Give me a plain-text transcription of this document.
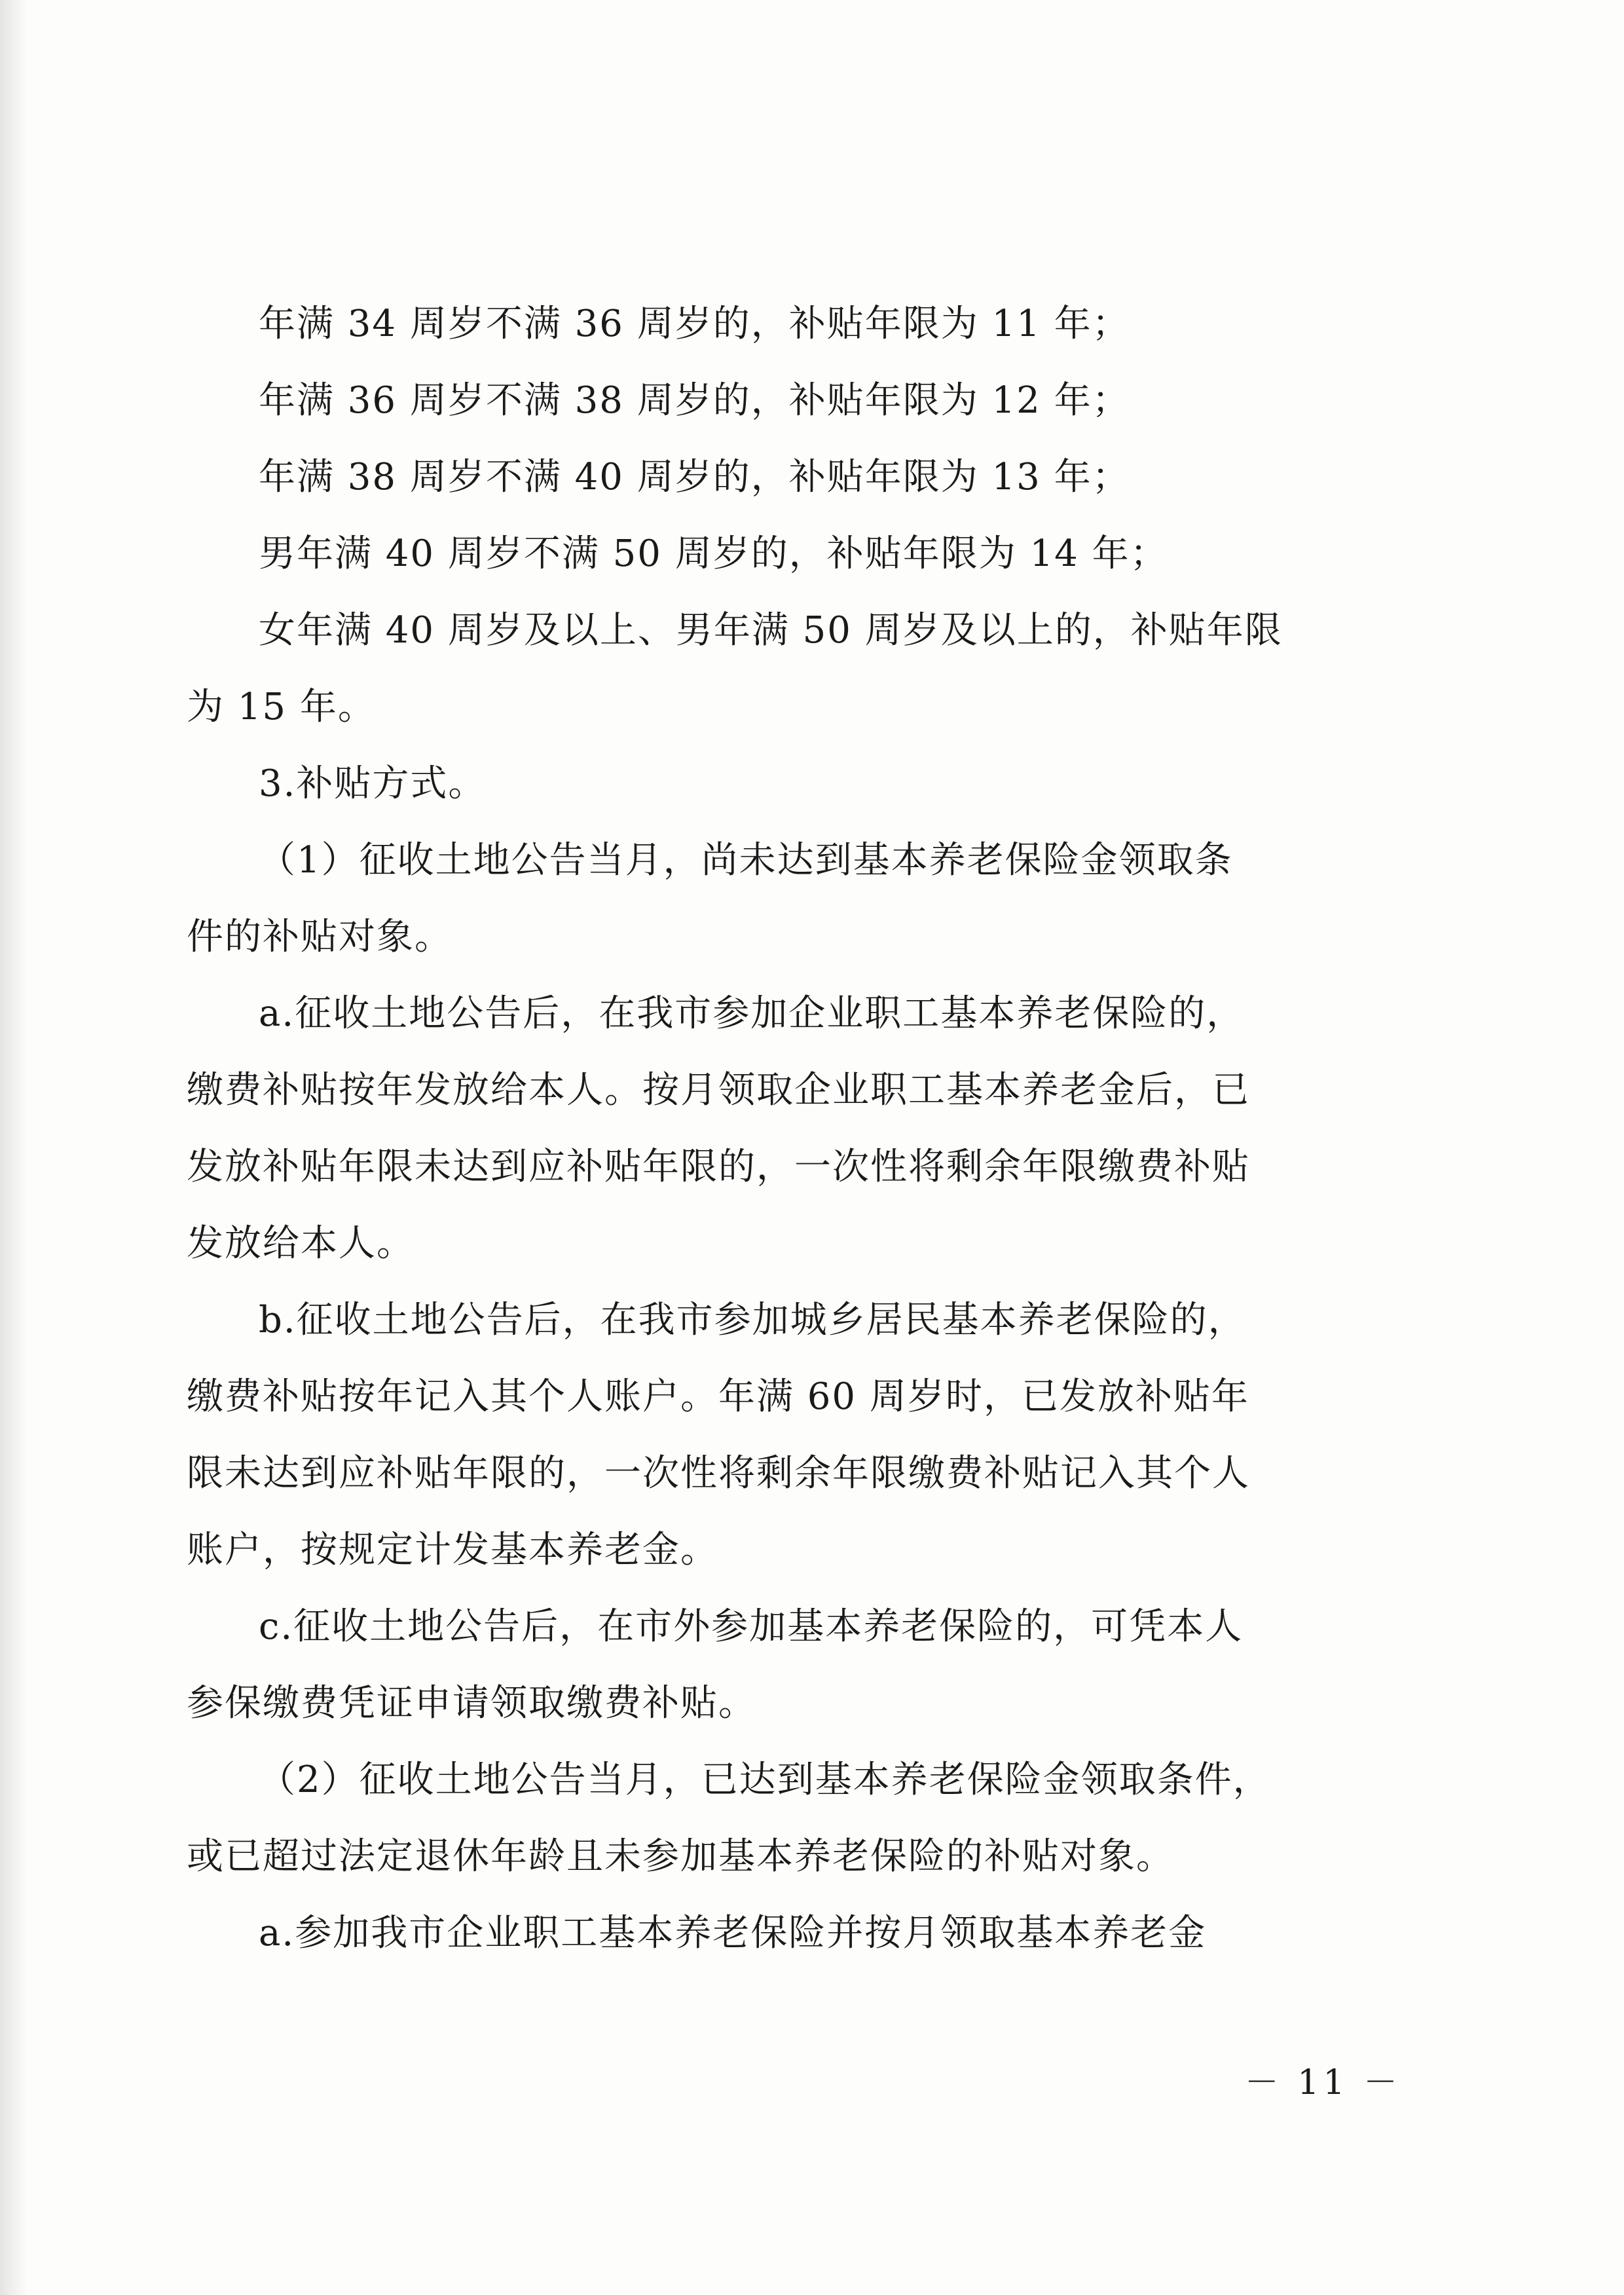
年满 34 周岁不满 36 周岁的，补贴年限为 11 年；
年满 36 周岁不满 38 周岁的，补贴年限为 12 年；
年满 38 周岁不满 40 周岁的，补贴年限为 13 年；
男年满 40 周岁不满 50 周岁的，补贴年限为 14 年；
女年满 40 周岁及以上、男年满 50 周岁及以上的，补贴年限
为 15 年。
3.补贴方式。
（1）征收土地公告当月，尚未达到基本养老保险金领取条
件的补贴对象。
a.征收土地公告后，在我市参加企业职工基本养老保险的，
缴费补贴按年发放给本人。按月领取企业职工基本养老金后，已
发放补贴年限未达到应补贴年限的，一次性将剩余年限缴费补贴
发放给本人。
b.征收土地公告后，在我市参加城乡居民基本养老保险的，
缴费补贴按年记入其个人账户。年满 60 周岁时，已发放补贴年
限未达到应补贴年限的，一次性将剩余年限缴费补贴记入其个人
账户，按规定计发基本养老金。
c.征收土地公告后，在市外参加基本养老保险的，可凭本人
参保缴费凭证申请领取缴费补贴。
（2）征收土地公告当月，已达到基本养老保险金领取条件，
或已超过法定退休年龄且未参加基本养老保险的补贴对象。
a.参加我市企业职工基本养老保险并按月领取基本养老金
－ 11 －
